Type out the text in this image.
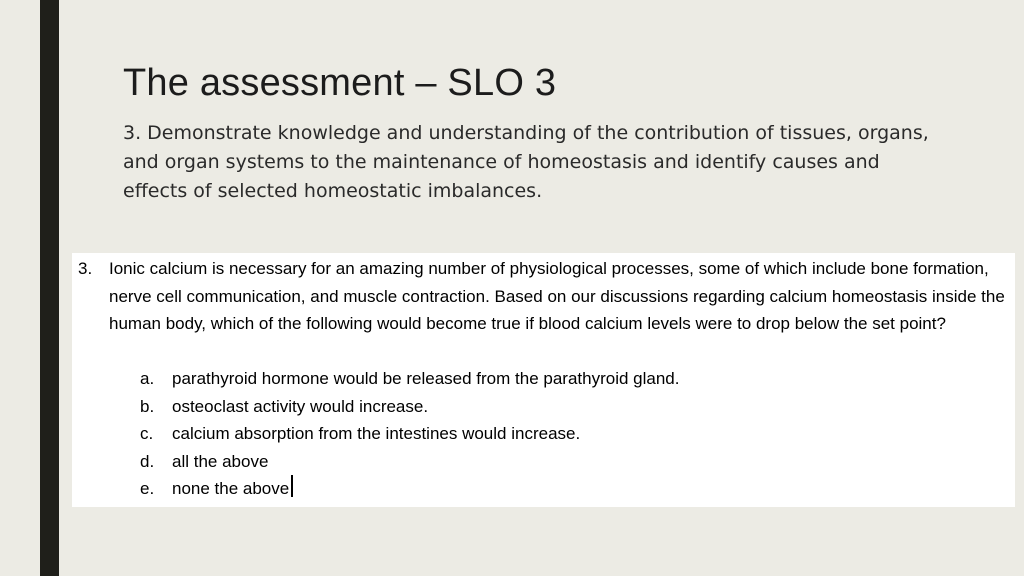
The assessment – SLO 3
3. Demonstrate knowledge and understanding of the contribution of tissues, organs, and organ systems to the maintenance of homeostasis and identify causes and effects of selected homeostatic imbalances.
3. Ionic calcium is necessary for an amazing number of physiological processes, some of which include bone formation, nerve cell communication, and muscle contraction. Based on our discussions regarding calcium homeostasis inside the human body, which of the following would become true if blood calcium levels were to drop below the set point?
a.	parathyroid hormone would be released from the parathyroid gland.
b.	osteoclast activity would increase.
c.	calcium absorption from the intestines would increase.
d.	all the above
e.	none the above
